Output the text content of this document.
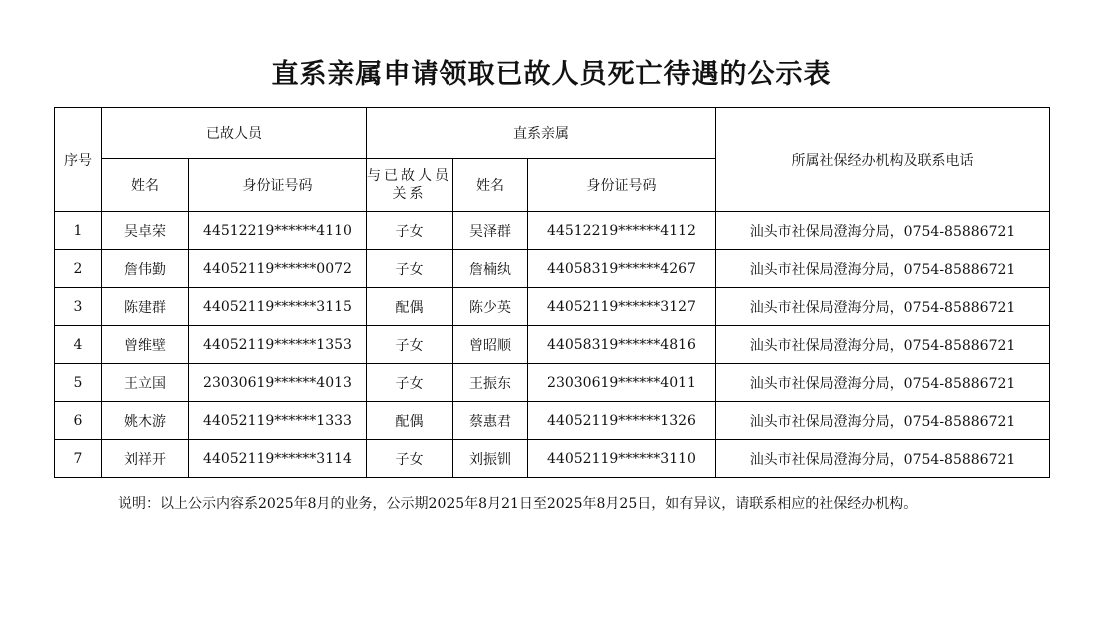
直系亲属申请领取已故人员死亡待遇的公示表
序号	已故人员		直系亲属			所属社保经办机构及联系电话
	姓名	身份证号码	与已故人员关系	姓名	身份证号码	
1	吴卓荣	44512219******4110	子女	吴泽群	44512219******4112	汕头市社保局澄海分局，0754-85886721
2	詹伟勤	44052119******0072	子女	詹楠纨	44058319******4267	汕头市社保局澄海分局，0754-85886721
3	陈建群	44052119******3115	配偶	陈少英	44052119******3127	汕头市社保局澄海分局，0754-85886721
4	曾维壁	44052119******1353	子女	曾昭顺	44058319******4816	汕头市社保局澄海分局，0754-85886721
5	王立国	23030619******4013	子女	王振东	23030619******4011	汕头市社保局澄海分局，0754-85886721
6	姚木游	44052119******1333	配偶	蔡惠君	44052119******1326	汕头市社保局澄海分局，0754-85886721
7	刘祥开	44052119******3114	子女	刘振钏	44052119******3110	汕头市社保局澄海分局，0754-85886721
说明：以上公示内容系2025年8月的业务，公示期2025年8月21日至2025年8月25日，如有异议，请联系相应的社保经办机构。
